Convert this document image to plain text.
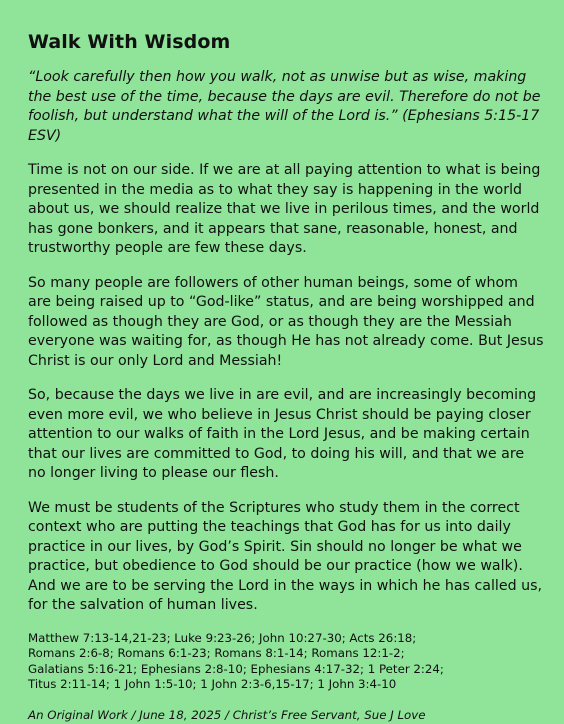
Walk With Wisdom

“Look carefully then how you walk, not as unwise but as wise, making the best use of the time, because the days are evil. Therefore do not be foolish, but understand what the will of the Lord is.” (Ephesians 5:15-17 ESV)

Time is not on our side. If we are at all paying attention to what is being presented in the media as to what they say is happening in the world about us, we should realize that we live in perilous times, and the world has gone bonkers, and it appears that sane, reasonable, honest, and trustworthy people are few these days.

So many people are followers of other human beings, some of whom are being raised up to “God-like” status, and are being worshipped and followed as though they are God, or as though they are the Messiah everyone was waiting for, as though He has not already come. But Jesus Christ is our only Lord and Messiah!

So, because the days we live in are evil, and are increasingly becoming even more evil, we who believe in Jesus Christ should be paying closer attention to our walks of faith in the Lord Jesus, and be making certain that our lives are committed to God, to doing his will, and that we are no longer living to please our flesh.

We must be students of the Scriptures who study them in the correct context who are putting the teachings that God has for us into daily practice in our lives, by God’s Spirit. Sin should no longer be what we practice, but obedience to God should be our practice (how we walk). And we are to be serving the Lord in the ways in which he has called us, for the salvation of human lives.

Matthew 7:13-14,21-23; Luke 9:23-26; John 10:27-30; Acts 26:18;
Romans 2:6-8; Romans 6:1-23; Romans 8:1-14; Romans 12:1-2;
Galatians 5:16-21; Ephesians 2:8-10; Ephesians 4:17-32; 1 Peter 2:24;
Titus 2:11-14; 1 John 1:5-10; 1 John 2:3-6,15-17; 1 John 3:4-10

An Original Work / June 18, 2025 / Christ’s Free Servant, Sue J Love
